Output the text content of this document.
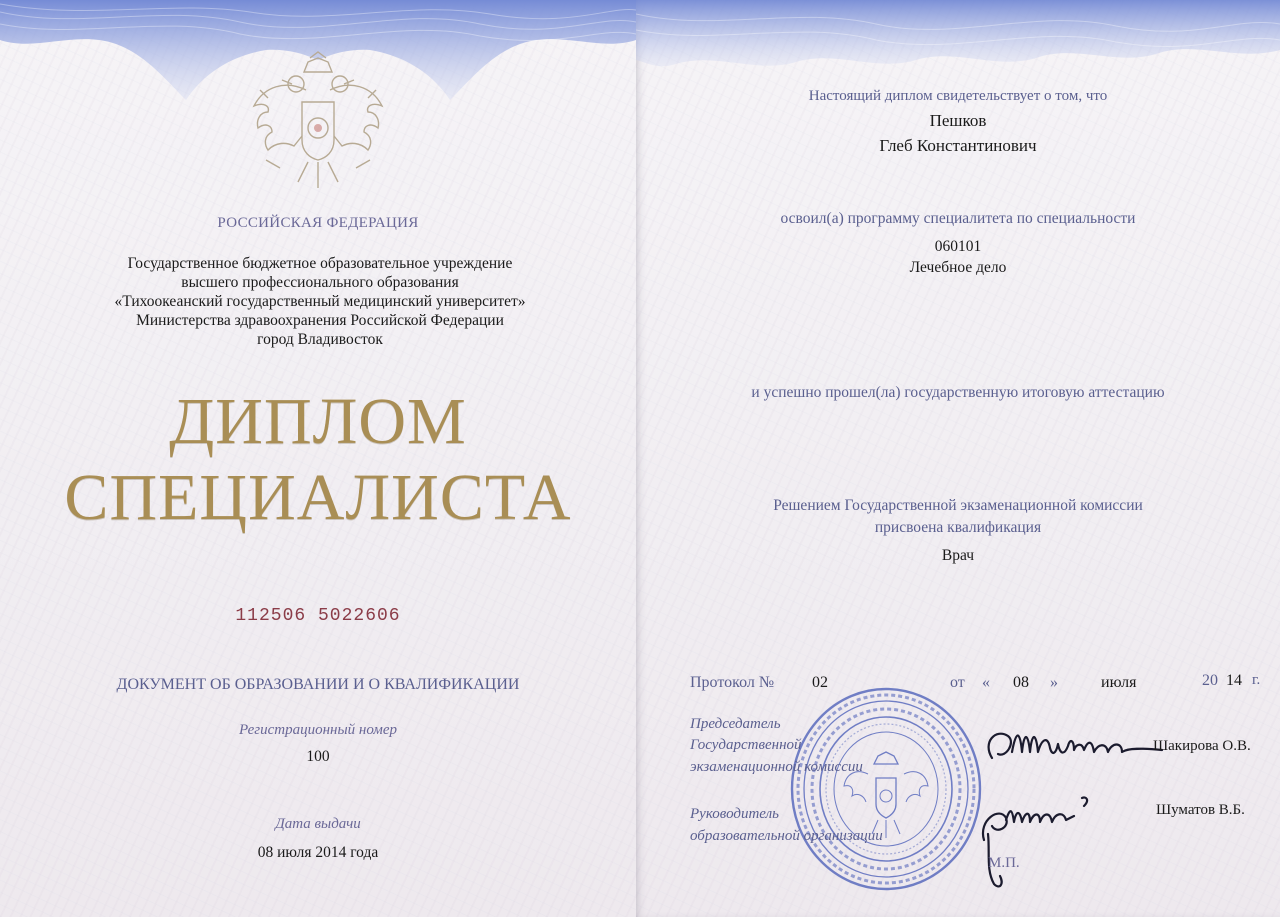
РОССИЙСКАЯ ФЕДЕРАЦИЯ
Государственное бюджетное образовательное учреждение
высшего профессионального образования
«Тихоокеанский государственный медицинский университет»
Министерства здравоохранения Российской Федерации
город Владивосток
ДИПЛОМ
СПЕЦИАЛИСТА
112506 5022606
ДОКУМЕНТ ОБ ОБРАЗОВАНИИ И О КВАЛИФИКАЦИИ
Регистрационный номер
100
Дата выдачи
08 июля 2014 года
Настоящий диплом свидетельствует о том, что
Пешков
Глеб Константинович
освоил(а) программу специалитета по специальности
060101
Лечебное дело
и успешно прошел(ла) государственную итоговую аттестацию
Решением Государственной экзаменационной комиссии
присвоена квалификация
Врач
Протокол № 02	от « 08 »	июля	20 14 г.
Председатель
Государственной
экзаменационной комиссии
Шакирова О.В.
Руководитель
образовательной организации
Шуматов В.Б.
М.П.
